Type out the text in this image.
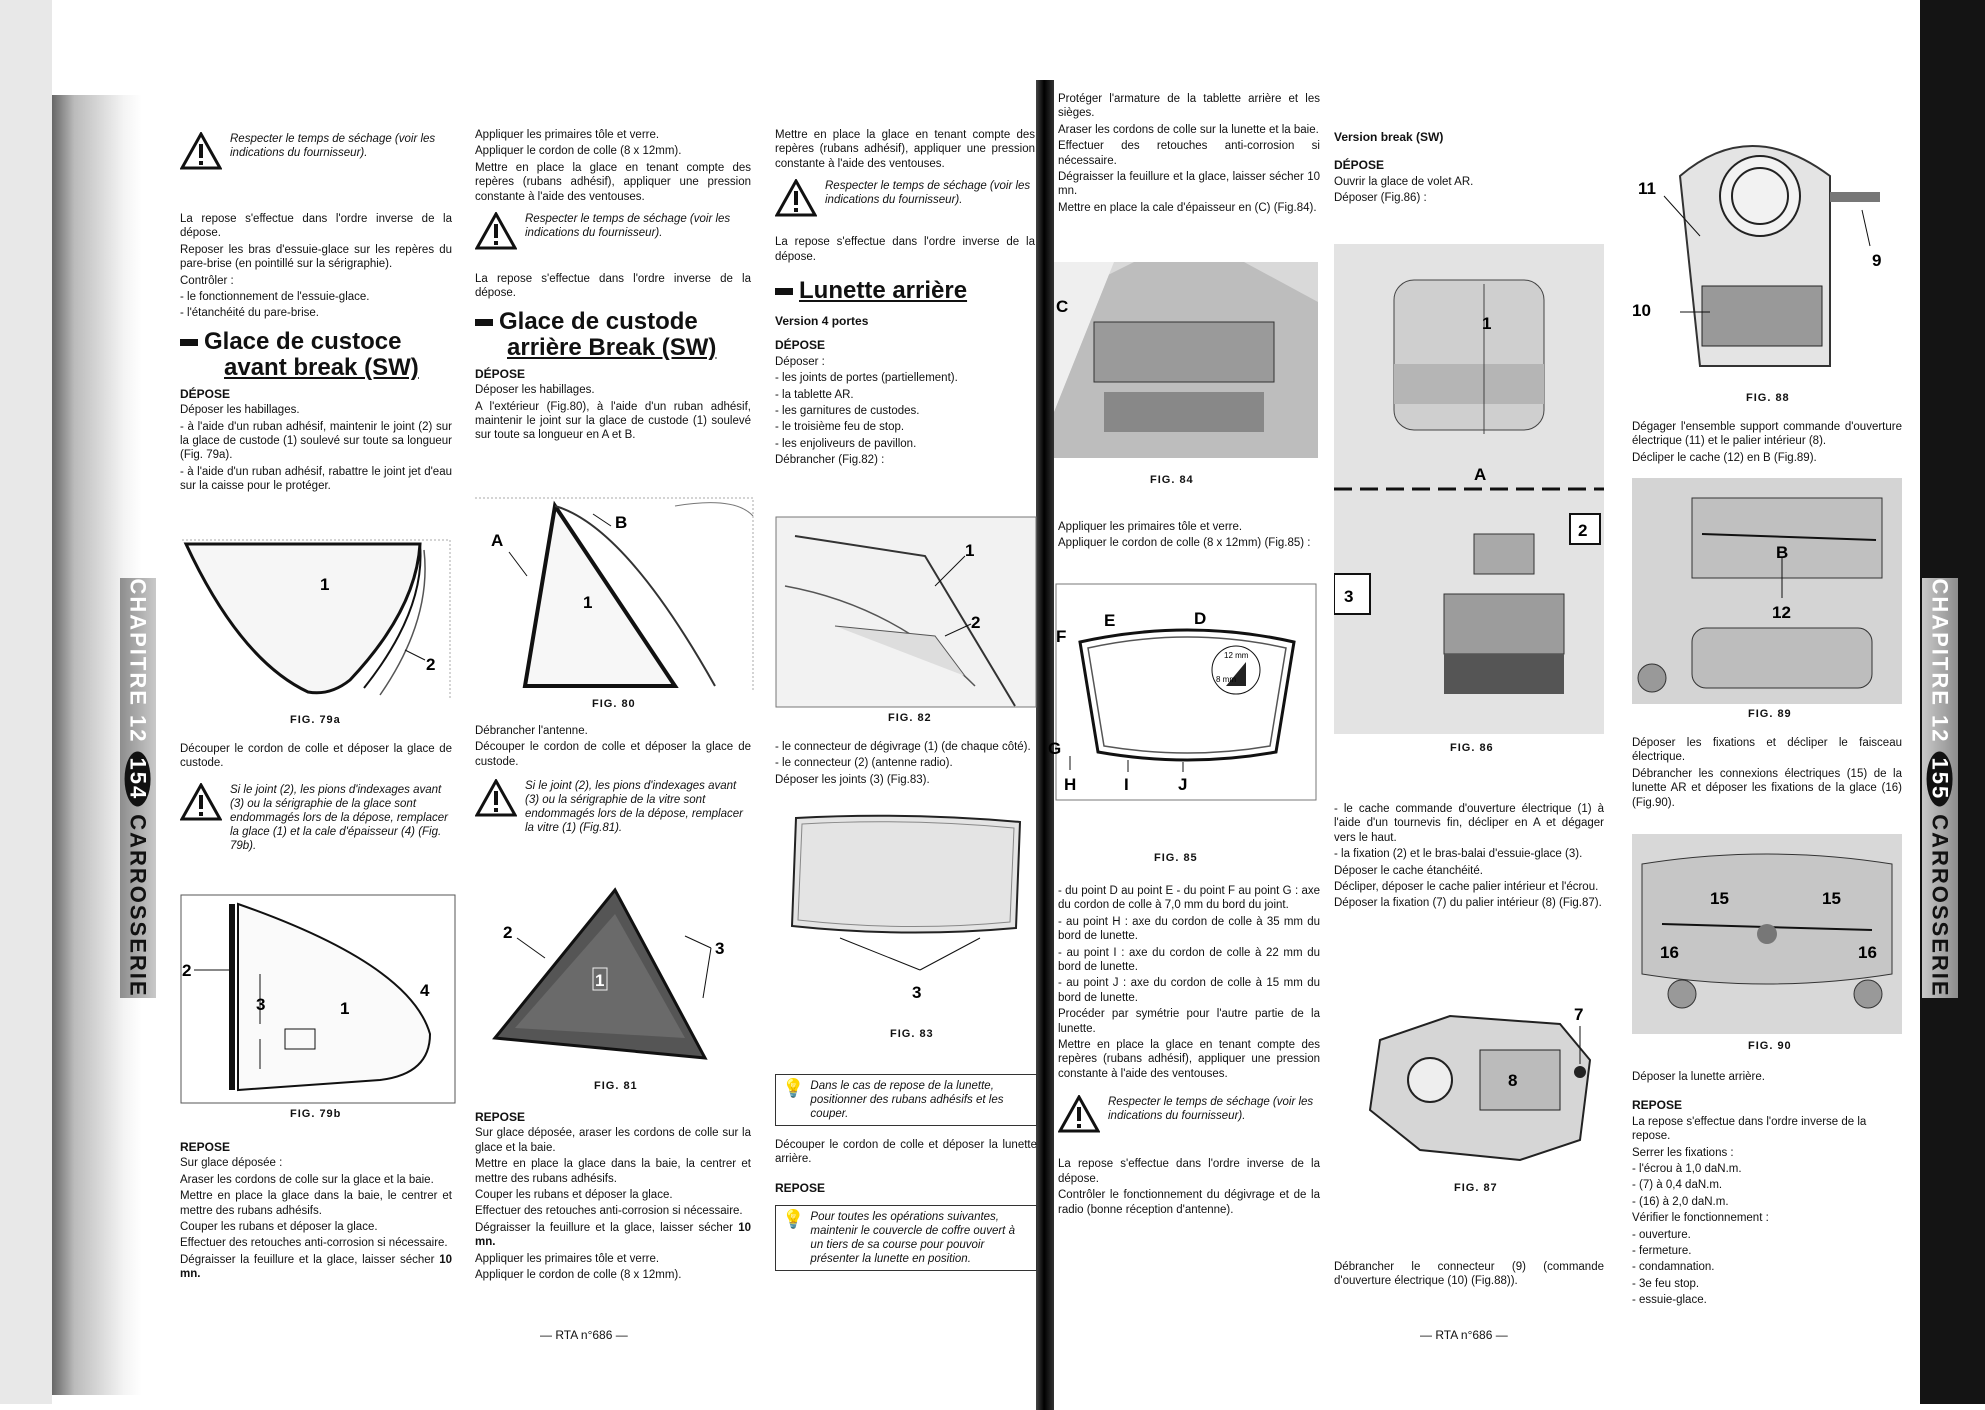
CHAPITRE 12154CARROSSERIE
CHAPITRE 12155CARROSSERIE
Respecter le temps de séchage (voir les indications du fournisseur).

La repose s'effectue dans l'ordre inverse de la dépose.

Reposer les bras d'essuie-glace sur les repères du pare-brise (en pointillé sur la sérigraphie).

Contrôler :

- le fonctionnement de l'essuie-glace.

- l'étanchéité du pare-brise.

Glace de custoce
avant break (SW)
DÉPOSE

Déposer les habillages.

- à l'aide d'un ruban adhésif, maintenir le joint (2) sur la glace de custode (1) soulevé sur toute sa longueur (Fig. 79a).

- à l'aide d'un ruban adhésif, rabattre le joint jet d'eau sur la caisse pour le protéger.

1
2
FIG. 79a

Découper le cordon de colle et déposer la glace de custode.

Si le joint (2), les pions d'indexages avant (3) ou la sérigraphie de la glace sont endommagés lors de la dépose, remplacer la glace (1) et la cale d'épaisseur (4) (Fig. 79b).
2
3	1
4
FIG. 79b
REPOSE

Sur glace déposée :

Araser les cordons de colle sur la glace et la baie.

Mettre en place la glace dans la baie, le centrer et mettre des rubans adhésifs.

Couper les rubans et déposer la glace.

Effectuer des retouches anti-corrosion si nécessaire.

Dégraisser la feuillure et la glace, laisser sécher 10 mn.

Appliquer les primaires tôle et verre.

Appliquer le cordon de colle (8 x 12mm).

Mettre en place la glace en tenant compte des repères (rubans adhésif), appliquer une pression constante à l'aide des ventouses.

Respecter le temps de séchage (voir les indications du fournisseur).

La repose s'effectue dans l'ordre inverse de la dépose.

Glace de custode
arrière Break (SW)
DÉPOSE

Déposer les habillages.

A l'extérieur (Fig.80), à l'aide d'un ruban adhésif, maintenir le joint sur la glace de custode (1) soulevé sur toute sa longueur en A et B.

A
B
1
FIG. 80

Débrancher l'antenne.

Découper le cordon de colle et déposer la glace de custode.

Si le joint (2), les pions d'indexages avant (3) ou la sérigraphie de la vitre sont endommagés lors de la dépose, remplacer la vitre (1) (Fig.81).
2
1
3
FIG. 81
REPOSE

Sur glace déposée, araser les cordons de colle sur la glace et la baie.

Mettre en place la glace dans la baie, la centrer et mettre des rubans adhésifs.

Couper les rubans et déposer la glace.

Effectuer des retouches anti-corrosion si nécessaire.

Dégraisser la feuillure et la glace, laisser sécher 10 mn.

Appliquer les primaires tôle et verre.

Appliquer le cordon de colle (8 x 12mm).

— RTA n°686 —

Mettre en place la glace en tenant compte des repères (rubans adhésif), appliquer une pression constante à l'aide des ventouses.

Respecter le temps de séchage (voir les indications du fournisseur).

La repose s'effectue dans l'ordre inverse de la dépose.

Lunette arrière
Version 4 portes
DÉPOSE

Déposer :

- les joints de portes (partiellement).

- la tablette AR.

- les garnitures de custodes.

- le troisième feu de stop.

- les enjoliveurs de pavillon.

Débrancher (Fig.82) :

1
2
FIG. 82

- le connecteur de dégivrage (1) (de chaque côté).

- le connecteur (2) (antenne radio).

Déposer les joints (3) (Fig.83).

3
FIG. 83
💡 Dans le cas de repose de la lunette, positionner des rubans adhésifs et les couper.

Découper le cordon de colle et déposer la lunette arrière.

REPOSE
💡 Pour toutes les opérations suivantes, maintenir le couvercle de coffre ouvert à un tiers de sa course pour pouvoir présenter la lunette en position.

Protéger l'armature de la tablette arrière et les sièges.

Araser les cordons de colle sur la lunette et la baie.

Effectuer des retouches anti-corrosion si nécessaire.

Dégraisser la feuillure et la glace, laisser sécher 10 mn.

Mettre en place la cale d'épaisseur en (C) (Fig.84).

C
FIG. 84

Appliquer les primaires tôle et verre.

Appliquer le cordon de colle (8 x 12mm) (Fig.85) :

12 mm
8 mm
E	D
F
G
H	I	J
FIG. 85

- du point D au point E - du point F au point G : axe du cordon de colle à 7,0 mm du bord du joint.

- au point H : axe du cordon de colle à 35 mm du bord de lunette.

- au point I : axe du cordon de colle à 22 mm du bord de lunette.

- au point J : axe du cordon de colle à 15 mm du bord de lunette.

Procéder par symétrie pour l'autre partie de la lunette.

Mettre en place la glace en tenant compte des repères (rubans adhésif), appliquer une pression constante à l'aide des ventouses.

Respecter le temps de séchage (voir les indications du fournisseur).

La repose s'effectue dans l'ordre inverse de la dépose.

Contrôler le fonctionnement du dégivrage et de la radio (bonne réception d'antenne).

Version break (SW)
DÉPOSE

Ouvrir la glace de volet AR.

Déposer (Fig.86) :

1
A
2
3
FIG. 86

- le cache commande d'ouverture électrique (1) à l'aide d'un tournevis fin, décliper en A et dégager vers le haut.

- la fixation (2) et le bras-balai d'essuie-glace (3).

Déposer le cache étanchéité.

Décliper, déposer le cache palier intérieur et l'écrou.

Déposer la fixation (7) du palier intérieur (8) (Fig.87).

7
8
FIG. 87

Débrancher le connecteur (9) (commande d'ouverture électrique (10) (Fig.88)).

— RTA n°686 —
11
9
10
FIG. 88

Dégager l'ensemble support commande d'ouverture électrique (11) et le palier intérieur (8).

Décliper le cache (12) en B (Fig.89).

B
12
FIG. 89

Déposer les fixations et décliper le faisceau électrique.

Débrancher les connexions électriques (15) de la lunette AR et déposer les fixations de la glace (16) (Fig.90).

15	15
16	16
FIG. 90

Déposer la lunette arrière.

REPOSE

La repose s'effectue dans l'ordre inverse de la repose.

Serrer les fixations :

- l'écrou à 1,0 daN.m.

- (7) à 0,4 daN.m.

- (16) à 2,0 daN.m.

Vérifier le fonctionnement :

- ouverture.

- fermeture.

- condamnation.

- 3e feu stop.

- essuie-glace.
